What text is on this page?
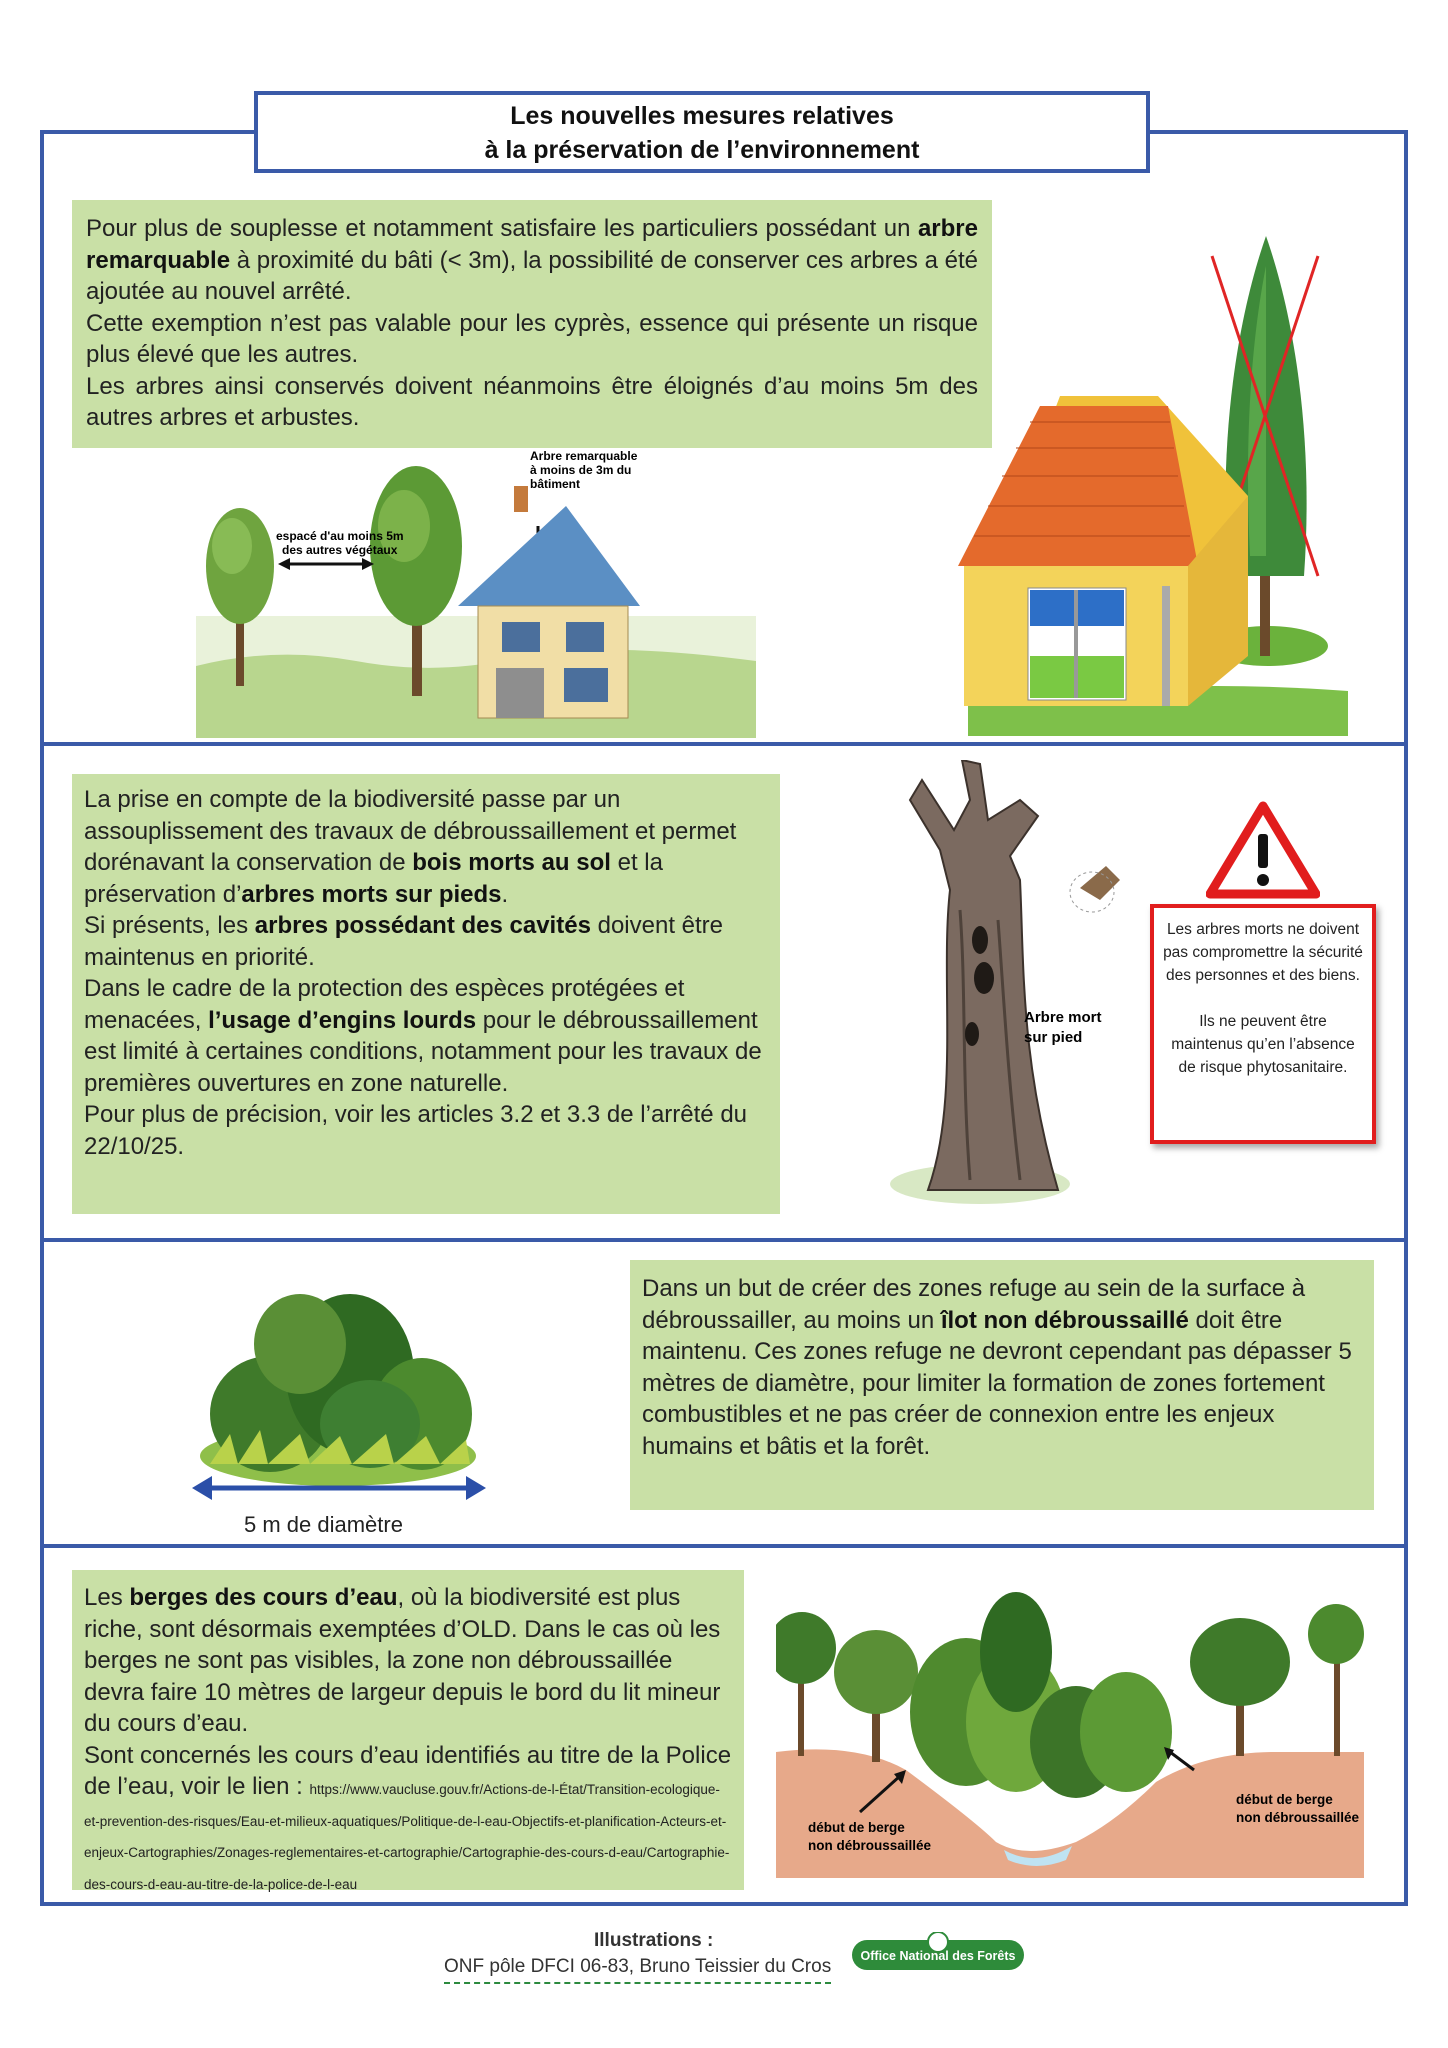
Les nouvelles mesures relatives
à la préservation de l’environnement
Pour plus de souplesse et notamment satisfaire les particuliers possédant un arbre remarquable à proximité du bâti (< 3m), la possibilité de conserver ces arbres a été ajoutée au nouvel arrêté.
Cette exemption n’est pas valable pour les cyprès, essence qui présente un risque plus élevé que les autres.
Les arbres ainsi conservés doivent néanmoins être éloignés d’au moins 5m des autres arbres et arbustes.
espacé d'au moins 5m
des autres végétaux
Arbre remarquable
à moins de 3m du
bâtiment
La prise en compte de la biodiversité passe par un assouplissement des travaux de débroussaillement et permet dorénavant la conservation de bois morts au sol et la préservation d’arbres morts sur pieds.
Si présents, les arbres possédant des cavités doivent être maintenus en priorité.
Dans le cadre de la protection des espèces protégées et menacées, l’usage d’engins lourds pour le débroussaillement est limité à certaines conditions, notamment pour les travaux de premières ouvertures en zone naturelle.
Pour plus de précision, voir les articles 3.2 et 3.3 de l’arrêté du 22/10/25.
Arbre mort
sur pied

Les arbres morts ne doivent pas compromettre la sécurité des personnes et des biens.

Ils ne peuvent être maintenus qu’en l’absence de risque phytosanitaire.

5 m de diamètre
Dans un but de créer des zones refuge au sein de la surface à débroussailler, au moins un îlot non débroussaillé doit être maintenu. Ces zones refuge ne devront cependant pas dépasser 5 mètres de diamètre, pour limiter la formation de zones fortement combustibles et ne pas créer de connexion entre les enjeux humains et bâtis et la forêt.
Les berges des cours d’eau, où la biodiversité est plus riche, sont désormais exemptées d’OLD. Dans le cas où les berges ne sont pas visibles, la zone non débroussaillée devra faire 10 mètres de largeur depuis le bord du lit mineur du cours d’eau.
Sont concernés les cours d’eau identifiés au titre de la Police de l’eau, voir le lien : https://www.vaucluse.gouv.fr/Actions-de-l-État/Transition-ecologique-et-prevention-des-risques/Eau-et-milieux-aquatiques/Politique-de-l-eau-Objectifs-et-planification-Acteurs-et-enjeux-Cartographies/Zonages-reglementaires-et-cartographie/Cartographie-des-cours-d-eau/Cartographie-des-cours-d-eau-au-titre-de-la-police-de-l-eau
début de berge
non débroussaillée
début de berge
non débroussaillée
Illustrations :
ONF pôle DFCI 06-83, Bruno Teissier du Cros Office National des Forêts
